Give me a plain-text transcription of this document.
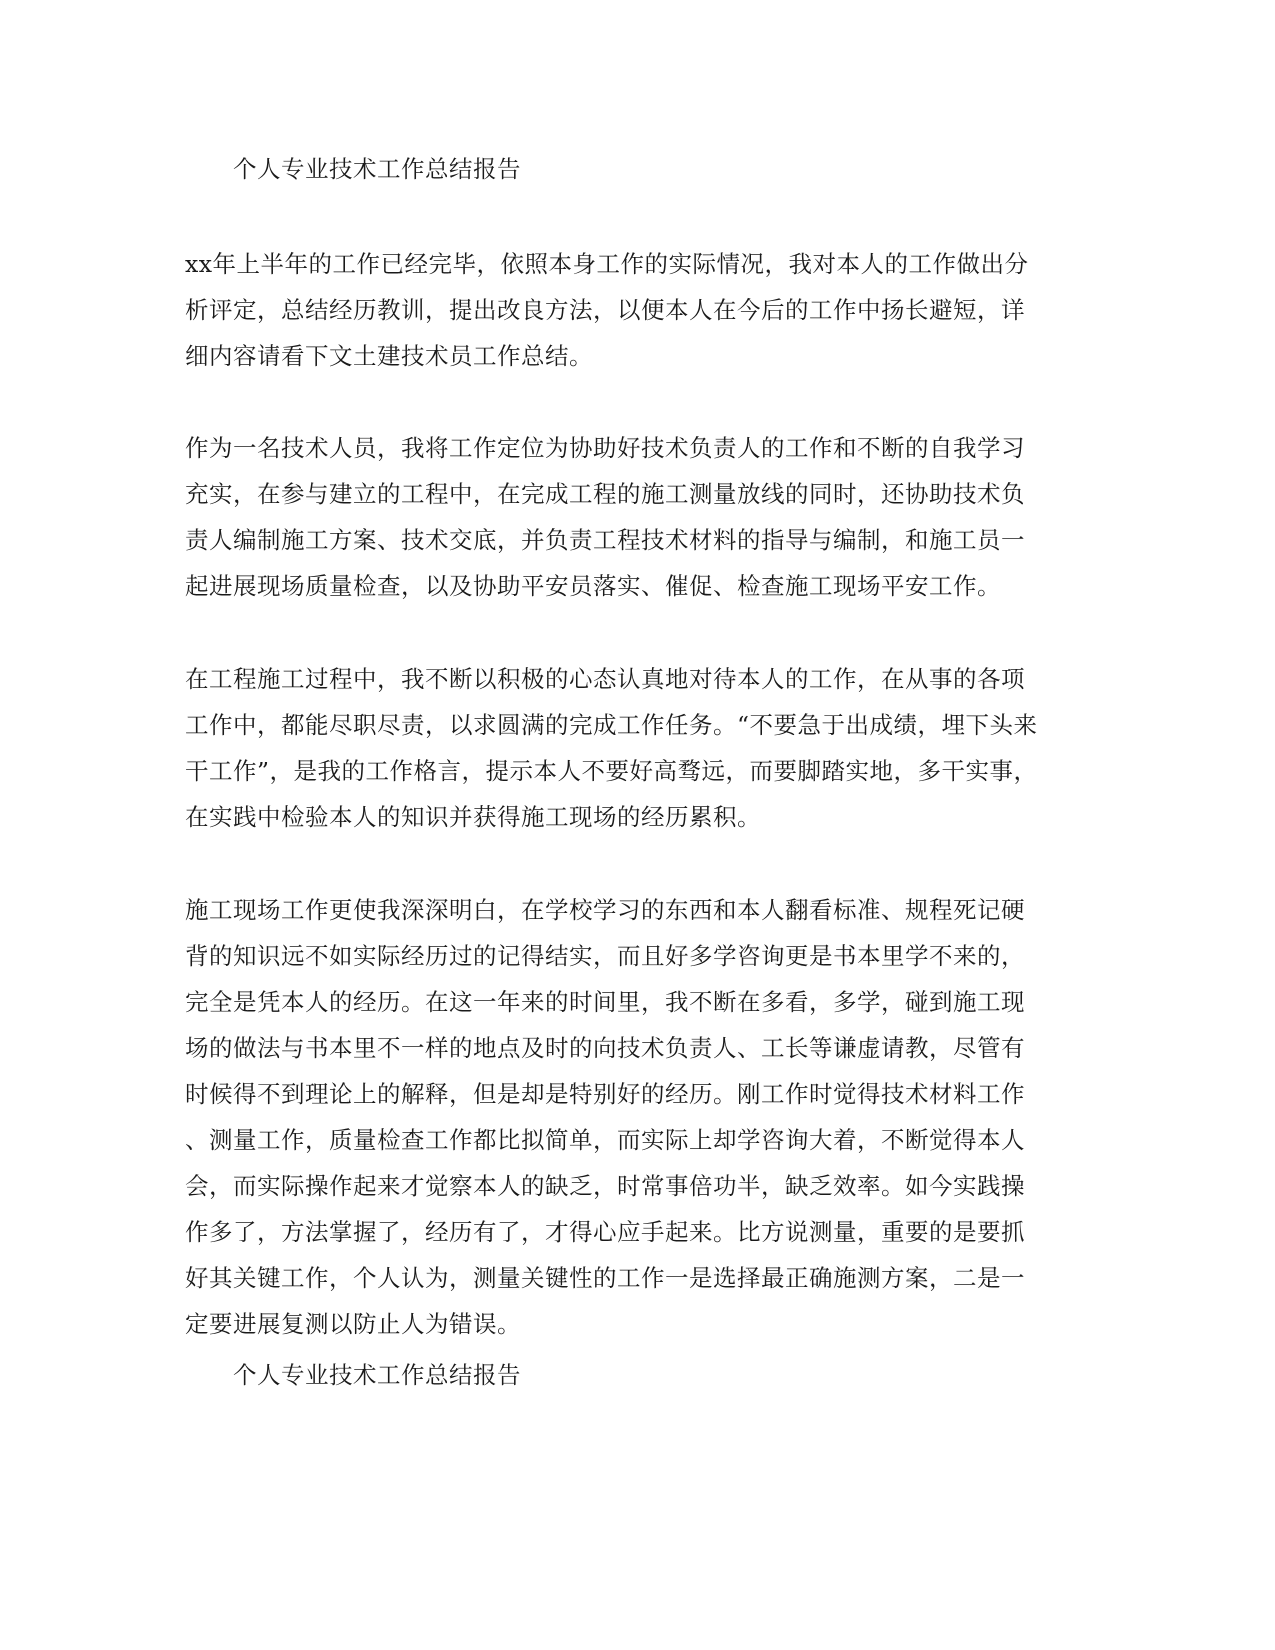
个人专业技术工作总结报告
xx年上半年的工作已经完毕，依照本身工作的实际情况，我对本人的工作做出分
析评定，总结经历教训，提出改良方法，以便本人在今后的工作中扬长避短，详
细内容请看下文土建技术员工作总结。
作为一名技术人员，我将工作定位为协助好技术负责人的工作和不断的自我学习
充实，在参与建立的工程中，在完成工程的施工测量放线的同时，还协助技术负
责人编制施工方案、技术交底，并负责工程技术材料的指导与编制，和施工员一
起进展现场质量检查，以及协助平安员落实、催促、检查施工现场平安工作。
在工程施工过程中，我不断以积极的心态认真地对待本人的工作，在从事的各项
工作中，都能尽职尽责，以求圆满的完成工作任务。“不要急于出成绩，埋下头来
干工作”，是我的工作格言，提示本人不要好高骛远，而要脚踏实地，多干实事，
在实践中检验本人的知识并获得施工现场的经历累积。
施工现场工作更使我深深明白，在学校学习的东西和本人翻看标准、规程死记硬
背的知识远不如实际经历过的记得结实，而且好多学咨询更是书本里学不来的，
完全是凭本人的经历。在这一年来的时间里，我不断在多看，多学，碰到施工现
场的做法与书本里不一样的地点及时的向技术负责人、工长等谦虚请教，尽管有
时候得不到理论上的解释，但是却是特别好的经历。刚工作时觉得技术材料工作
、测量工作，质量检查工作都比拟简单，而实际上却学咨询大着，不断觉得本人
会，而实际操作起来才觉察本人的缺乏，时常事倍功半，缺乏效率。如今实践操
作多了，方法掌握了，经历有了，才得心应手起来。比方说测量，重要的是要抓
好其关键工作，个人认为，测量关键性的工作一是选择最正确施测方案，二是一
定要进展复测以防止人为错误。
个人专业技术工作总结报告
